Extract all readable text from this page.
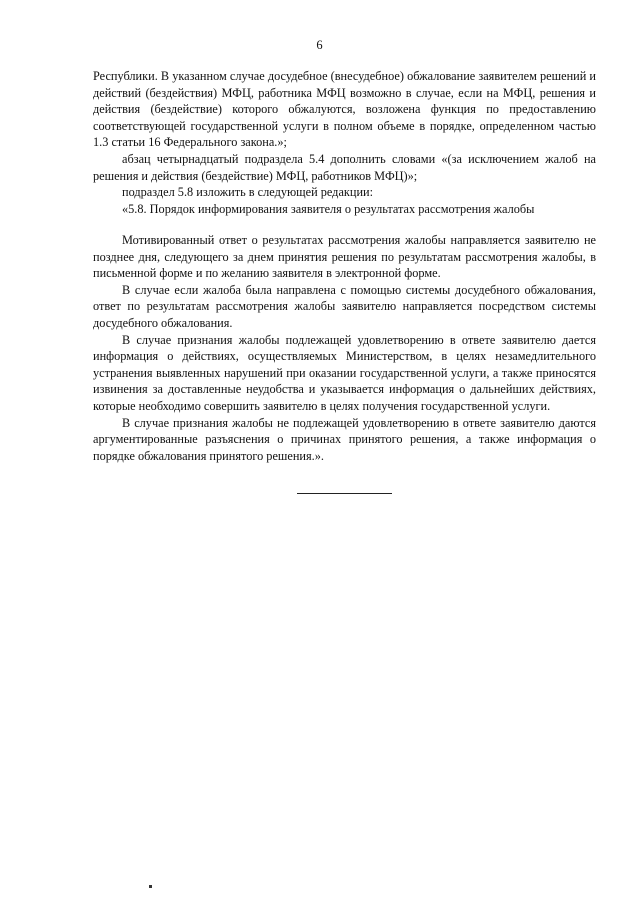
6

Республики. В указанном случае досудебное (внесудебное) обжалование заявителем решений и действий (бездействия) МФЦ, работника МФЦ возможно в случае, если на МФЦ, решения и действия (бездействие) которого обжалуются, возложена функция по предоставлению соответствующей государственной услуги в полном объеме в порядке, определенном частью 1.3 статьи 16 Федерального закона.»;

абзац четырнадцатый подраздела 5.4 дополнить словами «(за исключением жалоб на решения и действия (бездействие) МФЦ, работников МФЦ)»;

подраздел 5.8 изложить в следующей редакции:

«5.8. Порядок информирования заявителя о результатах рассмотрения жалобы

Мотивированный ответ о результатах рассмотрения жалобы направляется заявителю не позднее дня, следующего за днем принятия решения по результатам рассмотрения жалобы, в письменной форме и по желанию заявителя в электронной форме.

В случае если жалоба была направлена с помощью системы досудебного обжалования, ответ по результатам рассмотрения жалобы заявителю направляется посредством системы досудебного обжалования.

В случае признания жалобы подлежащей удовлетворению в ответе заявителю дается информация о действиях, осуществляемых Министерством, в целях незамедлительного устранения выявленных нарушений при оказании государственной услуги, а также приносятся извинения за доставленные неудобства и указывается информация о дальнейших действиях, которые необходимо совершить заявителю в целях получения государственной услуги.

В случае признания жалобы не подлежащей удовлетворению в ответе заявителю даются аргументированные разъяснения о причинах принятого решения, а также информация о порядке обжалования принятого решения.».
